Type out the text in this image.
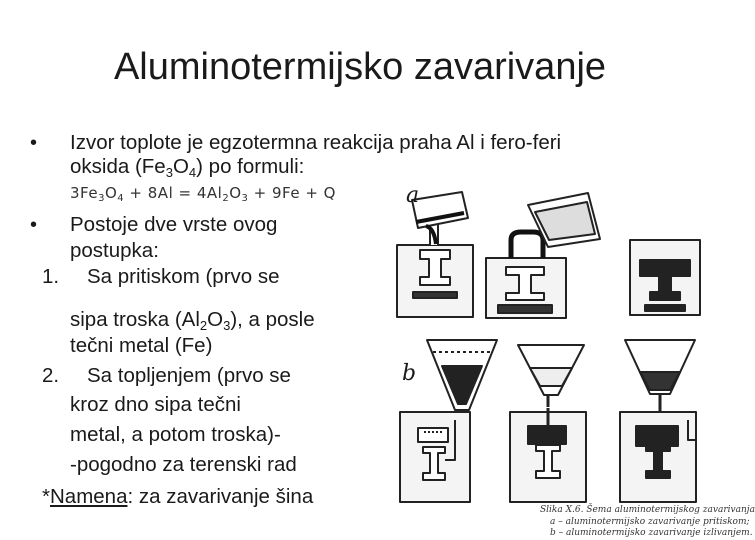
Aluminotermijsko zavarivanje
• Izvor toplote je egzotermna reakcija praha Al i fero-feri
oksida $(Fe_3O_4)$ po formuli:
$3Fe_3O_4 + 8Al = 4Al_2O_3 + 9Fe + Q$
• Postoje dve vrste ovog
postupka:
1. Sa pritiskom (prvo se
sipa troska $(Al_2O_3)$, a posle
tečni metal (Fe)
2. Sa topljenjem (prvo se
kroz dno sipa tečni
metal, a potom troska)-
-pogodno za terenski rad
*Namena: za zavarivanje šina
a
b
Slika X.6. Šema aluminotermijskog zavarivanja
a – aluminotermijsko zavarivanje pritiskom;
b – aluminotermijsko zavarivanje izlivanjem.
